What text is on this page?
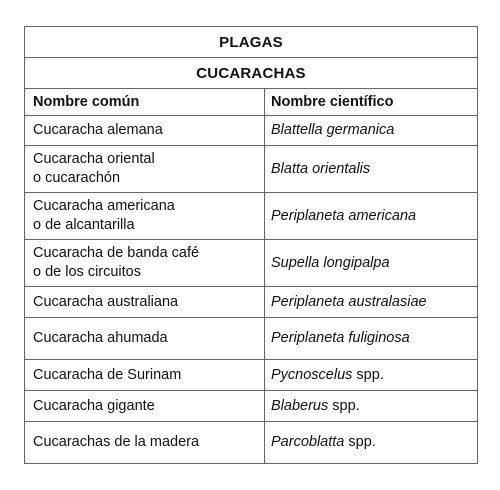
PLAGAS
CUCARACHAS
Nombre común	Nombre científico

Cucaracha alemana	Blattella germanica

Cucaracha oriental
o cucarachón	Blatta orientalis

Cucaracha americana
o de alcantarilla	Periplaneta americana

Cucaracha de banda café
o de los circuitos	Supella longipalpa

Cucaracha australiana	Periplaneta australasiae

Cucaracha ahumada	Periplaneta fuliginosa

Cucaracha de Surinam	Pycnoscelus spp.

Cucaracha gigante	Blaberus spp.

Cucarachas de la madera	Parcoblatta spp.
